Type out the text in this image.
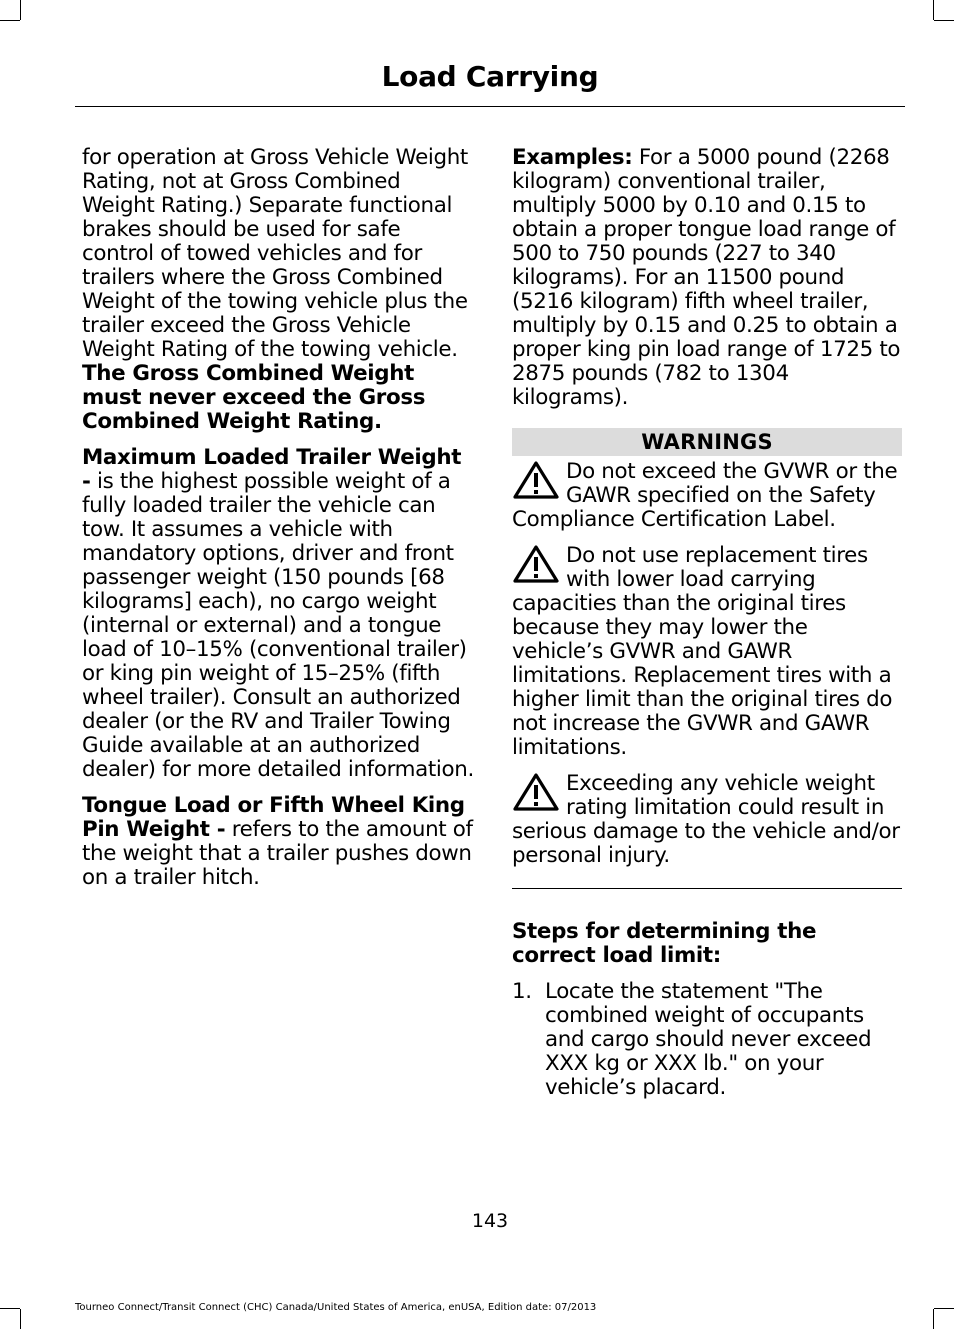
Load Carrying

for operation at Gross Vehicle Weight Rating, not at Gross Combined Weight Rating.) Separate functional brakes should be used for safe control of towed vehicles and for trailers where the Gross Combined Weight of the towing vehicle plus the trailer exceed the Gross Vehicle Weight Rating of the towing vehicle. The Gross Combined Weight must never exceed the Gross Combined Weight Rating.

Maximum Loaded Trailer Weight - is the highest possible weight of a fully loaded trailer the vehicle can tow. It assumes a vehicle with mandatory options, driver and front passenger weight (150 pounds [68 kilograms] each), no cargo weight (internal or external) and a tongue load of 10–15% (conventional trailer) or king pin weight of 15–25% (fifth wheel trailer). Consult an authorized dealer (or the RV and Trailer Towing Guide available at an authorized dealer) for more detailed information.

Tongue Load or Fifth Wheel King Pin Weight - refers to the amount of the weight that a trailer pushes down on a trailer hitch.

Examples: For a 5000 pound (2268 kilogram) conventional trailer, multiply 5000 by 0.10 and 0.15 to obtain a proper tongue load range of 500 to 750 pounds (227 to 340 kilograms). For an 11500 pound (5216 kilogram) fifth wheel trailer, multiply by 0.15 and 0.25 to obtain a proper king pin load range of 1725 to 2875 pounds (782 to 1304 kilograms).

WARNINGS

Do not exceed the GVWR or the GAWR specified on the Safety Compliance Certification Label.

Do not use replacement tires with lower load carrying capacities than the original tires because they may lower the vehicle’s GVWR and GAWR limitations. Replacement tires with a higher limit than the original tires do not increase the GVWR and GAWR limitations.

Exceeding any vehicle weight rating limitation could result in serious damage to the vehicle and/or personal injury.

Steps for determining the correct load limit:

1. Locate the statement "The combined weight of occupants and cargo should never exceed XXX kg or XXX lb." on your vehicle’s placard.

143
Tourneo Connect/Transit Connect (CHC) Canada/United States of America, enUSA, Edition date: 07/2013
